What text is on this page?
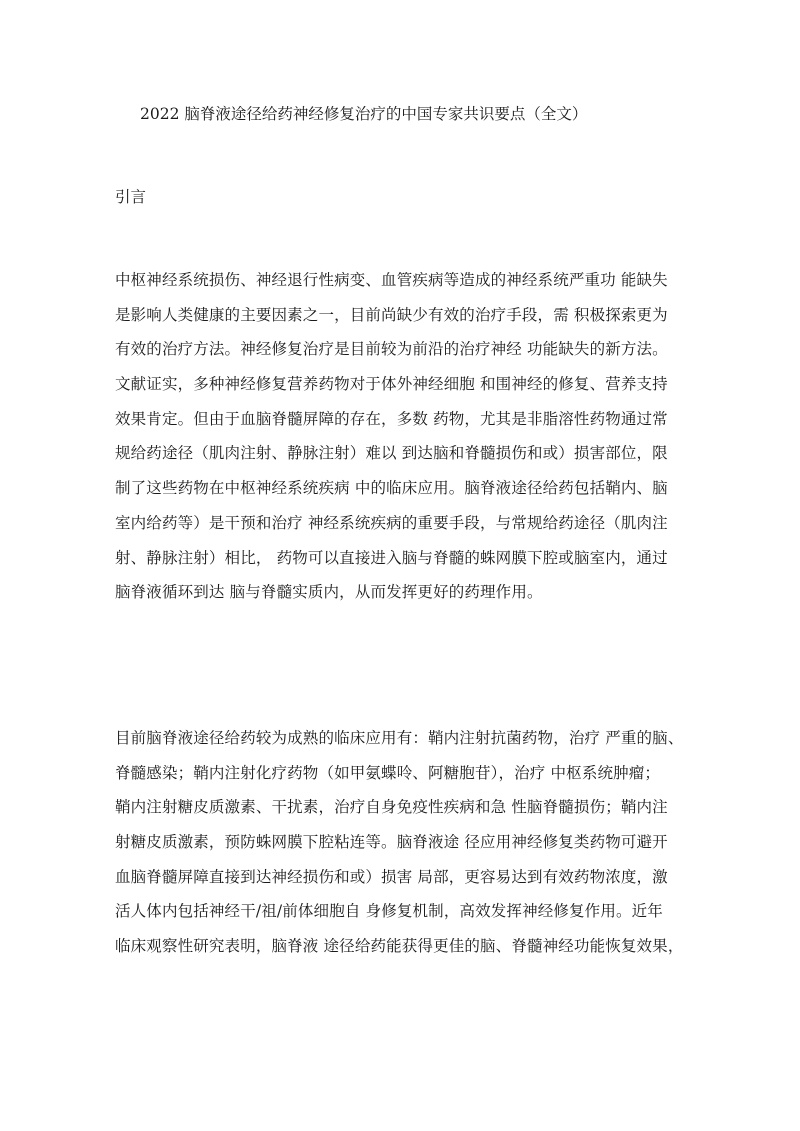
2022 脑脊液途径给药神经修复治疗的中国专家共识要点（全文）
引言
中枢神经系统损伤、神经退行性病变、血管疾病等造成的神经系统严重功 能缺失
是影响人类健康的主要因素之一，目前尚缺少有效的治疗手段，需 积极探索更为
有效的治疗方法。神经修复治疗是目前较为前沿的治疗神经 功能缺失的新方法。
文献证实，多种神经修复营养药物对于体外神经细胞 和围神经的修复、营养支持
效果肯定。但由于血脑脊髓屏障的存在，多数 药物，尤其是非脂溶性药物通过常
规给药途径（肌肉注射、静脉注射）难以 到达脑和脊髓损伤和或）损害部位，限
制了这些药物在中枢神经系统疾病 中的临床应用。脑脊液途径给药包括鞘内、脑
室内给药等）是干预和治疗 神经系统疾病的重要手段，与常规给药途径（肌肉注
射、静脉注射）相比， 药物可以直接进入脑与脊髓的蛛网膜下腔或脑室内，通过
脑脊液循环到达 脑与脊髓实质内，从而发挥更好的药理作用。
目前脑脊液途径给药较为成熟的临床应用有：鞘内注射抗菌药物，治疗 严重的脑、
脊髓感染；鞘内注射化疗药物（如甲氨蝶呤、阿糖胞苷），治疗 中枢系统肿瘤；
鞘内注射糖皮质激素、干扰素，治疗自身免疫性疾病和急 性脑脊髓损伤；鞘内注
射糖皮质激素，预防蛛网膜下腔粘连等。脑脊液途 径应用神经修复类药物可避开
血脑脊髓屏障直接到达神经损伤和或）损害 局部，更容易达到有效药物浓度，激
活人体内包括神经干/祖/前体细胞自 身修复机制，高效发挥神经修复作用。近年
临床观察性研究表明，脑脊液 途径给药能获得更佳的脑、脊髓神经功能恢复效果，
